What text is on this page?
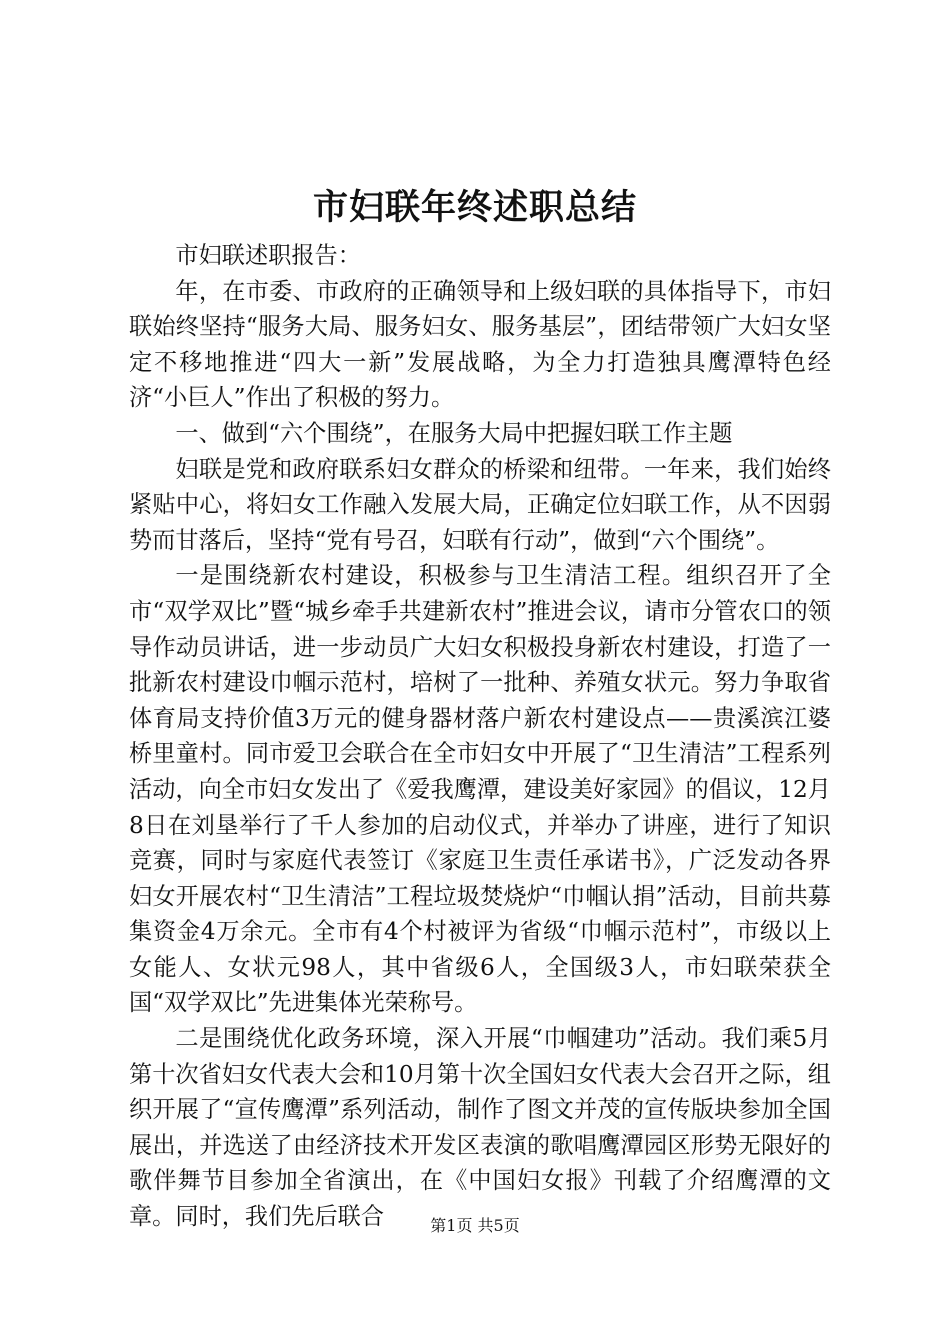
市妇联年终述职总结

市妇联述职报告：

年，在市委、市政府的正确领导和上级妇联的具体指导下，市妇联始终坚持“服务大局、服务妇女、服务基层”，团结带领广大妇女坚定不移地推进“四大一新”发展战略，为全力打造独具鹰潭特色经济“小巨人”作出了积极的努力。

一、做到“六个围绕”，在服务大局中把握妇联工作主题

妇联是党和政府联系妇女群众的桥梁和纽带。一年来，我们始终紧贴中心，将妇女工作融入发展大局，正确定位妇联工作，从不因弱势而甘落后，坚持“党有号召，妇联有行动”，做到“六个围绕”。

一是围绕新农村建设，积极参与卫生清洁工程。组织召开了全市“双学双比”暨“城乡牵手共建新农村”推进会议，请市分管农口的领导作动员讲话，进一步动员广大妇女积极投身新农村建设，打造了一批新农村建设巾帼示范村，培树了一批种、养殖女状元。努力争取省体育局支持价值3万元的健身器材落户新农村建设点——贵溪滨江婆桥里童村。同市爱卫会联合在全市妇女中开展了“卫生清洁”工程系列活动，向全市妇女发出了《爱我鹰潭，建设美好家园》的倡议，12月8日在刘垦举行了千人参加的启动仪式，并举办了讲座，进行了知识竞赛，同时与家庭代表签订《家庭卫生责任承诺书》，广泛发动各界妇女开展农村“卫生清洁”工程垃圾焚烧炉“巾帼认捐”活动，目前共募集资金4万余元。全市有4个村被评为省级“巾帼示范村”，市级以上女能人、女状元98人，其中省级6人，全国级3人，市妇联荣获全国“双学双比”先进集体光荣称号。

二是围绕优化政务环境，深入开展“巾帼建功”活动。我们乘5月第十次省妇女代表大会和10月第十次全国妇女代表大会召开之际，组织开展了“宣传鹰潭”系列活动，制作了图文并茂的宣传版块参加全国展出，并选送了由经济技术开发区表演的歌唱鹰潭园区形势无限好的歌伴舞节目参加全省演出，在《中国妇女报》刊载了介绍鹰潭的文章。同时，我们先后联合	第1页 共5页
